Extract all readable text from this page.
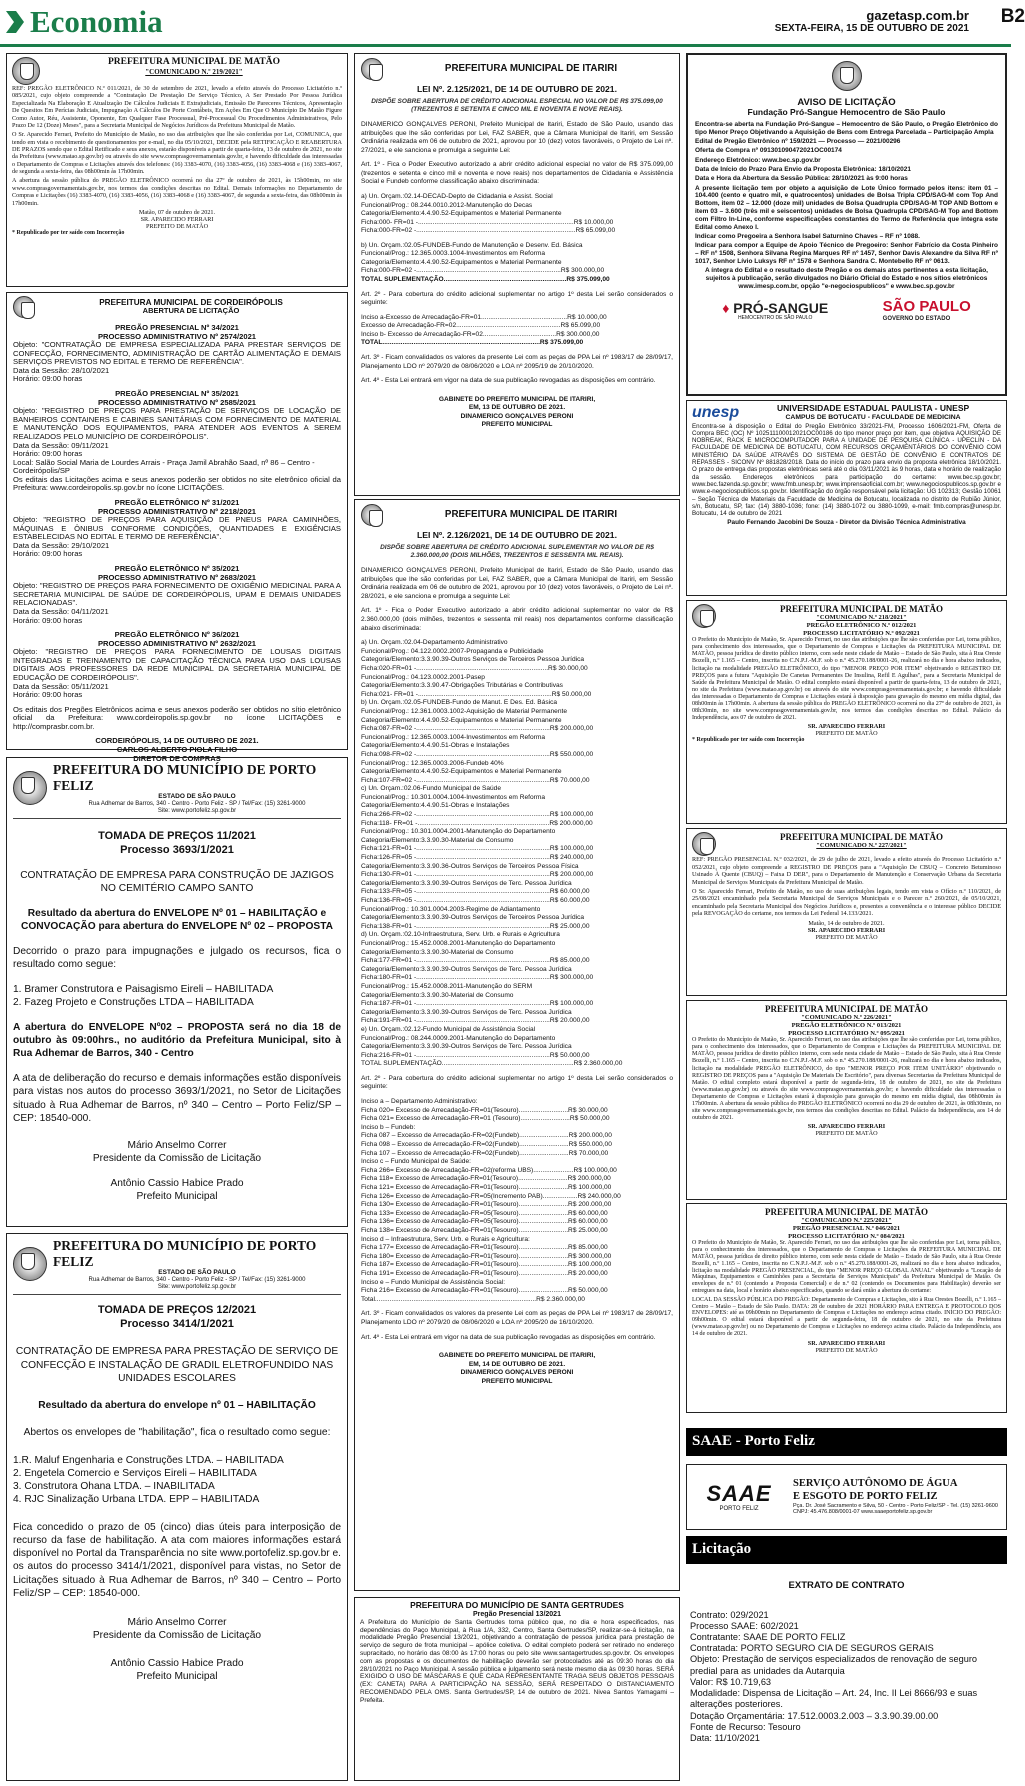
Economia	gazetasp.com.br
SEXTA-FEIRA, 15 DE OUTUBRO DE 2021
B2
PREFEITURA MUNICIPAL DE MATÃO
"COMUNICADO N.º 219/2021"

REF: PREGÃO ELETRÔNICO N.º 011/2021, de 30 de setembro de 2021, levado a efeito através do Processo Licitatório n.º 085/2021, cujo objeto compreende a "Contratação De Prestação De Serviço Técnico, A Ser Prestado Por Pessoa Jurídica Especializada Na Elaboração E Atualização De Cálculos Judiciais E Extrajudiciais, Emissão De Pareceres Técnicos, Apresentação De Quesitos Em Perícias Judiciais, Impugnação A Cálculos De Porte Contábeis, Em Ações Em Que O Município De Matão Figure Como Autor, Réu, Assistente, Oponente, Em Qualquer Fase Processual, Pré-Processual Ou Procedimentos Administrativos, Pelo Prazo De 12 (Doze) Meses", para a Secretaria Municipal de Negócios Jurídicos da Prefeitura Municipal de Matão.

O Sr. Aparecido Ferrari, Prefeito do Município de Matão, no uso das atribuições que lhe são conferidas por Lei, COMUNICA, que tendo em vista o recebimento de questionamentos por e-mail, no dia 05/10/2021, DECIDE pela RETIFICAÇÃO E REABERTURA DE PRAZOS sendo que o Edital Retificado e seus anexos, estarão disponíveis a partir de quarta-feira, 13 de outubro de 2021, no site da Prefeitura (www.matao.sp.gov.br) ou através do site www.comprasgovernamentais.gov.br, e havendo dificuldade das interessadas o Departamento de Compras e Licitações através dos telefones: (16) 3383-4070, (16) 3383-4056, (16) 3383-4068 e (16) 3383-4067, de segunda a sexta-feira, das 08h00min às 17h00min.

A abertura da sessão pública do PREGÃO ELETRÔNICO ocorrerá no dia 27º de outubro de 2021, às 15h00min, no site www.comprasgovernamentais.gov.br, nos termos das condições descritas no Edital. Demais informações no Departamento de Compras e Licitações (16) 3383-4070, (16) 3383-4056, (16) 3383-4068 e (16) 3383-4067, de segunda a sexta-feira, das 08h00min às 17h00min.

Matão, 07 de outubro de 2021.
SR. APARECIDO FERRARI
PREFEITO DE MATÃO
* Republicado por ter saído com Incorreção
PREFEITURA MUNICIPAL DE CORDEIRÓPOLIS
ABERTURA DE LICITAÇÃO
PREGÃO PRESENCIAL Nº 34/2021
PROCESSO ADMINISTRATIVO Nº 2574/2021
Objeto: "CONTRATAÇÃO DE EMPRESA ESPECIALIZADA PARA PRESTAR SERVIÇOS DE CONFECÇÃO, FORNECIMENTO, ADMINISTRAÇÃO DE CARTÃO ALIMENTAÇÃO E DEMAIS SERVIÇOS PREVISTOS NO EDITAL E TERMO DE REFERÊNCIA".
Data da Sessão: 28/10/2021
Horário: 09:00 horas
PREGÃO PRESENCIAL Nº 35/2021
PROCESSO ADMINISTRATIVO Nº 2585/2021
Objeto: "REGISTRO DE PREÇOS PARA PRESTAÇÃO DE SERVIÇOS DE LOCAÇÃO DE BANHEIROS CONTAINERS E CABINES SANITÁRIAS COM FORNECIMENTO DE MATERIAL E MANUTENÇÃO DOS EQUIPAMENTOS, PARA ATENDER AOS EVENTOS A SEREM REALIZADOS PELO MUNICÍPIO DE CORDEIRÓPOLIS".
Data da Sessão: 09/11/2021
Horário: 09:00 horas
Local: Salão Social Maria de Lourdes Arrais - Praça Jamil Abrahão Saad, nº 86 – Centro - Cordeirópolis/SP
Os editais das Licitações acima e seus anexos poderão ser obtidos no site eletrônico oficial da Prefeitura: www.cordeiropolis.sp.gov.br no ícone LICITAÇÕES.
PREGÃO ELETRÔNICO Nº 31/2021
PROCESSO ADMINISTRATIVO Nº 2218/2021
Objeto: "REGISTRO DE PREÇOS PARA AQUISIÇÃO DE PNEUS PARA CAMINHÕES, MÁQUINAS E ÔNIBUS CONFORME CONDIÇÕES, QUANTIDADES E EXIGÊNCIAS ESTABELECIDAS NO EDITAL E TERMO DE REFERÊNCIA".
Data da Sessão: 29/10/2021
Horário: 09:00 horas
PREGÃO ELETRÔNICO Nº 35/2021
PROCESSO ADMINISTRATIVO Nº 2683/2021
Objeto: "REGISTRO DE PREÇOS PARA FORNECIMENTO DE OXIGÊNIO MEDICINAL PARA A SECRETARIA MUNICIPAL DE SAÚDE DE CORDEIRÓPOLIS, UPAM E DEMAIS UNIDADES RELACIONADAS".
Data da Sessão: 04/11/2021
Horário: 09:00 horas
PREGÃO ELETRÔNICO Nº 36/2021
PROCESSO ADMINISTRATIVO Nº 2632/2021
Objeto: "REGISTRO DE PREÇOS PARA FORNECIMENTO DE LOUSAS DIGITAIS INTEGRADAS E TREINAMENTO DE CAPACITAÇÃO TÉCNICA PARA USO DAS LOUSAS DIGITAIS AOS PROFESSORES DA REDE MUNICIPAL DA SECRETARIA MUNICIPAL DE EDUCAÇÃO DE CORDEIRÓPOLIS".
Data da Sessão: 05/11/2021
Horário: 09:00 horas
Os editais dos Pregões Eletrônicos acima e seus anexos poderão ser obtidos no sítio eletrônico oficial da Prefeitura: www.cordeiropolis.sp.gov.br no ícone LICITAÇÕES e http://comprasbr.com.br.
CORDEIRÓPOLIS, 14 DE OUTUBRO DE 2021.
CARLOS ALBERTO PIOLA FILHO
DIRETOR DE COMPRAS
PREFEITURA DO MUNICÍPIO DE PORTO FELIZ
ESTADO DE SÃO PAULO
Rua Adhemar de Barros, 340 - Centro - Porto Feliz - SP / Tel/Fax: (15) 3261-9000
Site: www.portofeliz.sp.gov.br
TOMADA DE PREÇOS 11/2021
Processo 3693/1/2021
CONTRATAÇÃO DE EMPRESA PARA CONSTRUÇÃO DE JAZIGOS NO CEMITÉRIO CAMPO SANTO
Resultado da abertura do ENVELOPE Nº 01 – HABILITAÇÃO e CONVOCAÇÃO para abertura do ENVELOPE Nº 02 – PROPOSTA
Decorrido o prazo para impugnações e julgado os recursos, fica o resultado como segue:
1. Bramer Construtora e Paisagismo Eireli – HABILITADA
2. Fazeg Projeto e Construções LTDA – HABILITADA
A abertura do ENVELOPE Nº02 – PROPOSTA será no dia 18 de outubro às 09:00hrs., no auditório da Prefeitura Municipal, sito à Rua Adhemar de Barros, 340 - Centro
A ata de deliberação do recurso e demais informações estão disponíveis para vistas nos autos do processo 3693/1/2021, no Setor de Licitações situado à Rua Adhemar de Barros, nº 340 – Centro – Porto Feliz/SP – CEP: 18540-000.
Mário Anselmo Correr
Presidente da Comissão de Licitação
Antônio Cassio Habice Prado
Prefeito Municipal
PREFEITURA DO MUNICÍPIO DE PORTO FELIZ
ESTADO DE SÃO PAULO
Rua Adhemar de Barros, 340 - Centro - Porto Feliz - SP / Tel/Fax: (15) 3261-9000
Site: www.portofeliz.sp.gov.br
TOMADA DE PREÇOS 12/2021
Processo 3414/1/2021
CONTRATAÇÃO DE EMPRESA PARA PRESTAÇÃO DE SERVIÇO DE CONFECÇÃO E INSTALAÇÃO DE GRADIL ELETROFUNDIDO NAS UNIDADES ESCOLARES
Resultado da abertura do envelope nº 01 – HABILITAÇÃO
Abertos os envelopes de "habilitação", fica o resultado como segue:
1.R. Maluf Engenharia e Construções LTDA. – HABILITADA
2. Engetela Comercio e Serviços Eireli – HABILITADA
3. Construtora Ohana LTDA. – INABILITADA
4. RJC Sinalização Urbana LTDA. EPP – HABILITADA
Fica concedido o prazo de 05 (cinco) dias úteis para interposição de recurso da fase de habilitação. A ata com maiores informações estará disponível no Portal da Transparência no site www.portofeliz.sp.gov.br e. os autos do processo 3414/1/2021, disponível para vistas, no Setor de Licitações situado à Rua Adhemar de Barros, nº 340 – Centro – Porto Feliz/SP – CEP: 18540-000.
Mário Anselmo Correr
Presidente da Comissão de Licitação
Antônio Cassio Habice Prado
Prefeito Municipal
PREFEITURA MUNICIPAL DE ITARIRI
LEI Nº. 2.125/2021, DE 14 DE OUTUBRO DE 2021.
DISPÕE SOBRE ABERTURA DE CRÉDITO ADICIONAL ESPECIAL NO VALOR DE R$ 375.099,00 (TREZENTOS E SETENTA E CINCO MIL E NOVENTA E NOVE REAIS).

DINAMERICO GONÇALVES PERONI, Prefeito Municipal de Itariri, Estado de São Paulo, usando das atribuições que lhe são conferidas por Lei, FAZ SABER, que a Câmara Municipal de Itariri, em Sessão Ordinária realizada em 06 de outubro de 2021, aprovou por 10 (dez) votos favoráveis, o Projeto de Lei nº. 27/2021, e ele sanciona e promulga a seguinte Lei:

Art. 1º - Fica o Poder Executivo autorizado a abrir crédito adicional especial no valor de R$ 375.099,00 (trezentos e setenta e cinco mil e noventa e nove reais) nos departamentos de Cidadania e Assistência Social e Fundeb conforme classificação abaixo discriminada:

a) Un. Orçam.:02.14-DECAD-Depto de Cidadania e Assist. Social
Funcional/Prog.: 08.244.0010.2012-Manutenção do Decas
Categoria/Elemento:4.4.90.52-Equipamentos e Material Permanente
Ficha:000- FR=01 -.....................................................................................R$ 10.000,00
Ficha:000-FR=02 -.......................................................................................R$ 65.099,00
b) Un. Orçam.:02.05-FUNDEB-Fundo de Manutenção e Desenv. Ed. Básica
Funcional/Prog.: 12.365.0003.1004-Investimentos em Reforma
Categoria/Elemento:4.4.90.52-Equipamentos e Material Permanente
Ficha:000-FR=02 -...............................................................................R$ 300.000,00
TOTAL SUPLEMENTAÇÃO...................................................................R$ 375.099,00

Art. 2º - Para cobertura do crédito adicional suplementar no artigo 1º desta Lei serão considerados o seguinte:

Inciso a-Excesso de Arrecadação-FR=01...............................................R$ 10.000,00
Excesso de Arrecadação-FR=02.........................................................R$ 65.099,00
Inciso b- Excesso de Arrecadação-FR=02........................................R$ 300.000,00
TOTAL......................................................................................R$ 375.099,00

Art. 3º - Ficam convalidados os valores da presente Lei com as peças de PPA Lei nº 1983/17 de 28/09/17, Planejamento LDO nº 2079/20 de 08/06/2020 e LOA nº 2095/19 de 20/10/2020.

Art. 4º - Esta Lei entrará em vigor na data de sua publicação revogadas as disposições em contrário.

GABINETE DO PREFEITO MUNICIPAL DE ITARIRI,
EM, 13 DE OUTUBRO DE 2021.
DINAMERICO GONÇALVES PERONI
PREFEITO MUNICIPAL
PREFEITURA MUNICIPAL DE ITARIRI
LEI Nº. 2.126/2021, DE 14 DE OUTUBRO DE 2021.
DISPÕE SOBRE ABERTURA DE CRÉDITO ADICIONAL SUPLEMENTAR NO VALOR DE R$ 2.360.000,00 (DOIS MILHÕES, TREZENTOS E SESSENTA MIL REAIS).

DINAMERICO GONÇALVES PERONI, Prefeito Municipal de Itariri, Estado de São Paulo, usando das atribuições que lhe são conferidas por Lei, FAZ SABER, que a Câmara Municipal de Itariri, em Sessão Ordinária realizada em 06 de outubro de 2021, aprovou por 10 (dez) votos favoráveis, o Projeto de Lei nº. 28/2021, e ele sanciona e promulga a seguinte Lei:

Art. 1º - Fica o Poder Executivo autorizado a abrir crédito adicional suplementar no valor de R$ 2.360.000,00 (dois milhões, trezentos e sessenta mil reais) nos departamentos conforme classificação abaixo discriminada:

a) Un. Orçam.:02.04-Departamento Administrativo
Funcional/Prog.: 04.122.0002.2007-Propaganda e Publicidade
Categoria/Elemento:3.3.90.39-Outros Serviços de Terceiros Pessoa Jurídica
Ficha:020-FR=01 -........................................................................R$ 30.000,00
Funcional/Prog.: 04.123.0002.2001-Pasep
Categoria/Elemento:3.3.90.47-Obrigações Tributárias e Contributivas
Ficha:021- FR=01 -.........................................................................R$ 50.000,00
b) Un. Orçam.:02.05-FUNDEB-Fundo de Manut. E Des. Ed. Básica
Funcional/Prog.: 12.361.0003.1002-Aquisição de Material Permanente
Categoria/Elemento:4.4.90.52-Equipamentos e Material Permanente
Ficha:087-FR=02 -.........................................................................R$ 200.000,00
Funcional/Prog.: 12.365.0003.1004-Investimentos em Reforma
Categoria/Elemento:4.4.90.51-Obras e Instalações
Ficha:098-FR=02 -.........................................................................R$ 550.000,00
Funcional/Prog.: 12.365.0003.2006-Fundeb 40%
Categoria/Elemento:4.4.90.52-Equipamentos e Material Permanente
Ficha:107-FR=02 -.........................................................................R$ 70.000,00
c) Un. Orçam.:02.06-Fundo Municipal de Saúde
Funcional/Prog.: 10.301.0004.1004-Investimentos em Reforma
Categoria/Elemento:4.4.90.51-Obras e Instalações
Ficha:266-FR=02 -.........................................................................R$ 100.000,00
Ficha:118- FR=01 -........................................................................R$ 200.000,00
Funcional/Prog.: 10.301.0004.2001-Manutenção do Departamento
Categoria/Elemento:3.3.90.30-Material de Consumo
Ficha:121-FR=01 -.........................................................................R$ 100.000,00
Ficha:126-FR=05 -.........................................................................R$ 240.000,00
Categoria/Elemento:3.3.90.36-Outros Serviços de Terceiros Pessoa Física
Ficha:130-FR=01 -.........................................................................R$ 200.000,00
Categoria/Elemento:3.3.90.39-Outros Serviços de Terc. Pessoa Jurídica
Ficha:133-FR=05 -.........................................................................R$ 60.000,00
Ficha:136-FR=05 -.........................................................................R$ 60.000,00
Funcional/Prog.: 10.301.0004.2003-Regime de Adiantamento
Categoria/Elemento:3.3.90.39-Outros Serviços de Terceiros Pessoa Jurídica
Ficha:138-FR=01 -.........................................................................R$ 25.000,00
d) Un. Orçam.:02.10-Infraestrutura, Serv. Urb. e Rurais e Agricultura
Funcional/Prog.: 15.452.0008.2001-Manutenção do Departamento
Categoria/Elemento:3.3.90.30-Material de Consumo
Ficha:177-FR=01 -.........................................................................R$ 85.000,00
Categoria/Elemento:3.3.90.39-Outros Serviços de Terc. Pessoa Jurídica
Ficha:180-FR=01 -.........................................................................R$ 300.000,00
Funcional/Prog.: 15.452.0008.2011-Manutenção do SERM
Categoria/Elemento:3.3.90.30-Material de Consumo
Ficha:187-FR=01 -.........................................................................R$ 100.000,00
Categoria/Elemento:3.3.90.39-Outros Serviços de Terc. Pessoa Jurídica
Ficha:191-FR=01 -.........................................................................R$ 20.000,00
e) Un. Orçam.:02.12-Fundo Municipal de Assistência Social
Funcional/Prog.: 08.244.0009.2001-Manutenção do Departamento
Categoria/Elemento:3.3.90.39-Outros Serviços de Terc. Pessoa Jurídica
Ficha:216-FR=01 -.........................................................................R$ 50.000,00
TOTAL SUPLEMENTAÇÃO........................................................................R$ 2.360.000,00

Art. 2º - Para cobertura do crédito adicional suplementar no artigo 1º desta Lei serão considerados o seguinte:

Inciso a – Departamento Administrativo:
Ficha 020= Excesso de Arrecadação-FR=01(Tesouro)...........................R$ 30.000,00
Ficha 021= Excesso de Arrecadação-FR=01 (Tesouro)...........................R$ 50.000,00
Inciso b – Fundeb:
Ficha 087 – Excesso de Arrecadação-FR=02(Fundeb)...........................R$ 200.000,00
Ficha 098 – Excesso de Arrecadação-FR=02(Fundeb)...........................R$ 550.000,00
Ficha 107 – Excesso de Arrecadação-FR=02(Fundeb)...........................R$ 70.000,00
Inciso c – Fundo Municipal de Saúde:
Ficha 266= Excesso de Arrecadação-FR=02(reforma UBS)......................R$ 100.000,00
Ficha 118= Excesso de Arrecadação-FR=01(Tesouro)...........................R$ 200.000,00
Ficha 121= Excesso de Arrecadação-FR=01(Tesouro)...........................R$ 100.000,00
Ficha 126= Excesso de Arrecadação-FR=05(Incremento PAB)...................R$ 240.000,00
Ficha 130= Excesso de Arrecadação-FR=01(Tesouro)...........................R$ 200.000,00
Ficha 133= Excesso de Arrecadação-FR=05(Tesouro)...........................R$ 60.000,00
Ficha 136= Excesso de Arrecadação-FR=05(Tesouro)...........................R$ 60.000,00
Ficha 138= Excesso de Arrecadação-FR=01(Tesouro)...........................R$ 25.000,00
Inciso d – Infraestrutura, Serv. Urb. e Rurais e Agricultura:
Ficha 177= Excesso de Arrecadação-FR=01(Tesouro)...........................R$ 85.000,00
Ficha 180= Excesso de Arrecadação-FR=01(Tesouro)...........................R$ 300.000,00
Ficha 187= Excesso de Arrecadação-FR=01(Tesouro)...........................R$ 100.000,00
Ficha 191= Excesso de Arrecadação-FR=01(Tesouro)...........................R$ 20.000,00
Inciso e – Fundo Municipal de Assistência Social:
Ficha 216= Excesso de Arrecadação-FR=01(Tesouro)...........................R$ 50.000,00
Total........................................................................................R$ 2.360.000,00

Art. 3º - Ficam convalidados os valores da presente Lei com as peças de PPA Lei nº 1983/17 de 28/09/17, Planejamento LDO nº 2079/20 de 08/06/2020 e LOA nº 2095/20 de 16/10/2020.

Art. 4º - Esta Lei entrará em vigor na data de sua publicação revogadas as disposições em contrário.

GABINETE DO PREFEITO MUNICIPAL DE ITARIRI,
EM, 14 DE OUTUBRO DE 2021.
DINAMERICO GONÇALVES PERONI
PREFEITO MUNICIPAL
PREFEITURA DO MUNICÍPIO DE SANTA GERTRUDES
Pregão Presencial 13/2021
A Prefeitura do Município de Santa Gertrudes torna público que, no dia e hora especificados, nas dependências do Paço Municipal, à Rua 1/A, 332, Centro, Santa Gertrudes/SP, realizar-se-á licitação, na modalidade Pregão Presencial 13/2021, objetivando a contratação de pessoa jurídica para prestação de serviço de seguro de frota municipal – apólice coletiva. O edital completo poderá ser retirado no endereço supracitado, no horário das 08:00 às 17:00 horas ou pelo site www.santagertrudes.sp.gov.br. Os envelopes com as propostas e os documentos de habilitação deverão ser protocolados até as 09:30 horas do dia 28/10/2021 no Paço Municipal. A sessão pública e julgamento será neste mesmo dia às 09:30 horas. SERÁ EXIGIDO O USO DE MÁSCARAS E QUE CADA REPRESENTANTE TRAGA SEUS OBJETOS PESSOAIS (EX: CANETA) PARA A PARTICIPAÇÃO NA SESSÃO, SERÁ RESPEITADO O DISTANCIAMENTO RECOMENDADO PELA OMS. Santa Gertrudes/SP, 14 de outubro de 2021. Nivea Santos Yamagami – Prefeita.
AVISO DE LICITAÇÃO
Fundação Pró-Sangue Hemocentro de São Paulo

Encontra-se aberta na Fundação Pró-Sangue – Hemocentro de São Paulo, o Pregão Eletrônico do tipo Menor Preço Objetivando a Aquisição de Bens com Entrega Parcelada – Participação Ampla

Edital de Pregão Eletrônico nº 159/2021 — Processo — 2021/00296

Oferta de Compra nº 091301090472021OC00174

Endereço Eletrônico: www.bec.sp.gov.br

Data de Início do Prazo Para Envio da Proposta Eletrônica: 18/10/2021

Data e Hora da Abertura da Sessão Pública: 28/10/2021 às 9:00 horas

A presente licitação tem por objeto a aquisição de Lote Único formado pelos itens: item 01 – 104.400 (cento e quatro mil, e quatrocentos) unidades de Bolsa Tripla CPD/SAG-M com Top And Bottom, item 02 – 12.000 (doze mil) unidades de Bolsa Quadrupla CPD/SAG-M TOP AND Bottom e item 03 – 3.600 (três mil e seiscentos) unidades de Bolsa Quadrupla CPD/SAG-M Top and Bottom com Filtro In-Line, conforme especificações constantes do Termo de Referência que integra este Edital como Anexo I.

Indicar como Pregoeira a Senhora Isabel Saturnino Chaves – RF nº 1088.

Indicar para compor a Equipe de Apoio Técnico de Pregoeiro: Senhor Fabrício da Costa Pinheiro – RF nº 1508, Senhora Silvana Regina Marques RF nº 1457, Senhor Davis Alexandre da Silva RF nº 1017, Senhor Lívio Luksys RF nº 1578 e Senhora Sandra C. Montebello RF nº 0613.

A íntegra do Edital e o resultado deste Pregão e os demais atos pertinentes a esta licitação, sujeitos à publicação, serão divulgados no Diário Oficial do Estado e nos sítios eletrônicos www.imesp.com.br, opção "e-negociospublicos" e www.bec.sp.gov.br

♦ PRÓ-SANGUE
HEMOCENTRO DE SÃO PAULO
SÃO PAULO
GOVERNO DO ESTADO
unesp	UNIVERSIDADE ESTADUAL PAULISTA - UNESP
CAMPUS DE BOTUCATU - FACULDADE DE MEDICINA
Encontra-se à disposição o Edital do Pregão Eletrônico 33/2021-FM, Processo 1606/2021-FM, Oferta de Compra BEC (OC) Nº 102511100012021OC00186 do tipo menor preço por item, que objetiva AQUISIÇÃO DE NOBREAK, RACK E MICROCOMPUTADOR PARA A UNIDADE DE PESQUISA CLÍNICA - UPECLIN - DA FACULDADE DE MEDICINA DE BOTUCATU, COM RECURSOS ORÇAMENTÁRIOS DO CONVÊNIO COM MINISTÉRIO DA SAÚDE ATRAVÉS DO SISTEMA DE GESTÃO DE CONVÊNIO E CONTRATOS DE REPASSES - SICONV Nº 881828/2018. Data do início do prazo para envio da proposta eletrônica 18/10/2021. O prazo de entrega das propostas eletrônicas será até o dia 03/11/2021 às 9 horas, data e horário de realização da sessão. Endereços eletrônicos para participação do certame: www.bec.sp.gov.br; www.bec.fazenda.sp.gov.br; www.fmb.unesp.br; www.imprensaoficial.com.br; www.negociospublicos.sp.gov.br e www.e-negociospublicos.sp.gov.br. Identificação do órgão responsável pela licitação: UG 102313; Gestão 10061 – Seção Técnica de Materiais da Faculdade de Medicina de Botucatu, localizada no distrito de Rubião Júnior, s/n, Botucatu, SP, fax: (14) 3880-1036; fone: (14) 3880-1072 ou 3880-1099, e-mail: fmb.compras@unesp.br. Botucatu, 14 de outubro de 2021
Paulo Fernando Jacobini De Souza - Diretor da Divisão Técnica Administrativa
PREFEITURA MUNICIPAL DE MATÃO
"COMUNICADO N.º 218/2021"
PREGÃO ELETRÔNICO N.º 012/2021
PROCESSO LICITATÓRIO N.º 092/2021
O Prefeito do Município de Matão, Sr. Aparecido Ferrari, no uso das atribuições que lhe são conferidas por Lei, torna público, para conhecimento dos interessados, que o Departamento de Compras e Licitações da PREFEITURA MUNICIPAL DE MATÃO, pessoa jurídica de direito público interno, com sede neste cidade de Matão – Estado de São Paulo, sita à Rua Oreste Bozelli, n.º 1.165 – Centro, inscrita no C.N.P.J.-M.F. sob o n.º 45.270.188/0001-26, realizará no dia e hora abaixo indicados, licitação na modalidade PREGÃO ELETRÔNICO, do tipo "MENOR PREÇO POR ITEM" objetivando o REGISTRO DE PREÇOS para a futura "Aquisição De Canetas Permanentes De Insulina, Refil E Agulhas", para a Secretaria Municipal de Saúde da Prefeitura Municipal de Matão. O edital completo estará disponível a partir de quarta-feira, 13 de outubro de 2021, no site da Prefeitura (www.matao.sp.gov.br) ou através do site www.comprasgovernamentais.gov.br; e havendo dificuldade das interessadas o Departamento de Compras e Licitações estará à disposição para gravação do mesmo em mídia digital, das 08h00min às 17h00min. A abertura da sessão pública do PREGÃO ELETRÔNICO ocorrerá no dia 27º de outubro de 2021, às 08h30min, no site www.comprasgovernamentais.gov.br, nos termos das condições descritas no Edital. Palácio da Independência, aos 07 de outubro de 2021.
SR. APARECIDO FERRARI
PREFEITO DE MATÃO
* Republicado por ter saído com Incorreção
PREFEITURA MUNICIPAL DE MATÃO
"COMUNICADO N.º 227/2021"

REF: PREGÃO PRESENCIAL N.º 032/2021, de 29 de julho de 2021, levado a efeito através do Processo Licitatório n.º 052/2021, cujo objeto compreende a REGISTRO DE PREÇOS para a "Aquisição De CBUQ – Concreto Betuminoso Usinado À Quente (CBUQ) – Faixa D DER", para o Departamento de Manutenção e Conservação Urbana da Secretaria Municipal de Serviços Municipais da Prefeitura Municipal de Matão.

O Sr. Aparecido Ferrari, Prefeito de Matão, no uso de suas atribuições legais, tendo em vista o Ofício n.º 110/2021, de 25/08/2021 encaminhado pela Secretaria Municipal de Serviços Municipais e o Parecer n.º 260/2021, de 05/10/2021, encaminhado pela Secretaria Municipal dos Negócios Jurídicos e, presentes a conveniência e o interesse público DECIDE pela REVOGAÇÃO do certame, nos termos da Lei Federal 14.133/2021.

Matão, 14 de outubro de 2021.
SR. APARECIDO FERRARI
PREFEITO DE MATÃO
PREFEITURA MUNICIPAL DE MATÃO
"COMUNICADO N.º 226/2021"
PREGÃO ELETRÔNICO N.º 013/2021
PROCESSO LICITATÓRIO N.º 095/2021
O Prefeito do Município de Matão, Sr. Aparecido Ferrari, no uso das atribuições que lhe são conferidas por Lei, torna público, para o conhecimento dos interessados, que o Departamento de Compras e Licitações da PREFEITURA MUNICIPAL DE MATÃO, pessoa jurídica de direito público interno, com sede nesta cidade de Matão – Estado de São Paulo, sita à Rua Oreste Bozelli, n.º 1.165 – Centro, inscrita no C.N.P.J.-M.F. sob o n.º 45.270.188/0001-26, realizará no dia e hora abaixo indicados, licitação na modalidade PREGÃO ELETRÔNICO, do tipo "MENOR PREÇO POR ITEM UNITÁRIO" objetivando o REGISTRO DE PREÇOS para a "Aquisição De Materiais De Escritório", para diversas Secretarias da Prefeitura Municipal de Matão. O edital completo estará disponível a partir de segunda-feira, 18 de outubro de 2021, no site da Prefeitura (www.matao.sp.gov.br) ou através do site www.comprasgovernamentais.gov.br; e havendo dificuldade das interessadas o Departamento de Compras e Licitações estará à disposição para gravação do mesmo em mídia digital, das 08h00min às 17h00min. A abertura da sessão pública do PREGÃO ELETRÔNICO ocorrerá no dia 29 de outubro de 2021, às 08h30min, no site www.comprasgovernamentais.gov.br, nos termos das condições descritas no Edital. Palácio da Independência, aos 14 de outubro de 2021.
SR. APARECIDO FERRARI
PREFEITO DE MATÃO
PREFEITURA MUNICIPAL DE MATÃO
"COMUNICADO N.º 225/2021"
PREGÃO PRESENCIAL N.º 046/2021
PROCESSO LICITATÓRIO N.º 084/2021

O Prefeito do Município de Matão, Sr. Aparecido Ferrari, no uso das atribuições que lhe são conferidas por Lei, torna público, para o conhecimento dos interessados, que o Departamento de Compras e Licitações da PREFEITURA MUNICIPAL DE MATÃO, pessoa jurídica de direito público interno, com sede nesta cidade de Matão – Estado de São Paulo, sita à Rua Oreste Bozelli, n.º 1.165 – Centro, inscrita no C.N.P.J.-M.F. sob o n.º 45.270.188/0001-26, realizará no dia e hora abaixo indicados, licitação na modalidade PREGÃO PRESENCIAL, do tipo "MENOR PREÇO GLOBAL ANUAL" objetivando a "Locação de Máquinas, Equipamentos e Caminhões para a Secretaria de Serviços Municipais" da Prefeitura Municipal de Matão. Os envelopes de n.º 01 (contendo a Proposta Comercial) e de n.º 02 (contendo os Documentos para Habilitação) deverão ser entregues na data, local e horário abaixo especificados, quando se dará então a abertura do certame:

LOCAL DA SESSÃO PÚBLICA DO PREGÃO: Departamento de Compras e Licitações, sito à Rua Orestes Bozelli, n.º 1.165 – Centro – Matão – Estado de São Paulo. DATA: 28 de outubro de 2021 HORÁRIO PARA ENTREGA E PROTOCOLO DOS ENVELOPES: até as 09h00min no Departamento de Compras e Licitações no endereço acima citado. INÍCIO DO PREGÃO: 09h00min. O edital estará disponível a partir de segunda-feira, 18 de outubro de 2021, no site da Prefeitura (www.matao.sp.gov.br) ou no Departamento de Compras e Licitações no endereço acima citado. Palácio da Independência, aos 14 de outubro de 2021.

SR. APARECIDO FERRARI
PREFEITO DE MATÃO
SAAE - Porto Feliz
SAAE
PORTO FELIZ
SERVIÇO AUTÔNOMO DE ÁGUA
E ESGOTO DE PORTO FELIZ
Pça. Dr. José Sacramento e Silva, 50 - Centro - Porto Feliz/SP - Tel. (15) 3261-9600
CNPJ: 45.476.808/0001-07 www.saaeportofeliz.sp.gov.br
Licitação
EXTRATO DE CONTRATO
Contrato: 029/2021
Processo SAAE: 602/2021
Contratante: SAAE DE PORTO FELIZ
Contratada: PORTO SEGURO CIA DE SEGUROS GERAIS
Objeto: Prestação de serviços especializados de renovação de seguro predial para as unidades da Autarquia
Valor: R$ 10.719,63
Modalidade: Dispensa de Licitação – Art. 24, Inc. II Lei 8666/93 e suas alterações posteriores.
Dotação Orçamentária: 17.512.0003.2.003 – 3.3.90.39.00.00
Fonte de Recurso: Tesouro
Data: 11/10/2021
